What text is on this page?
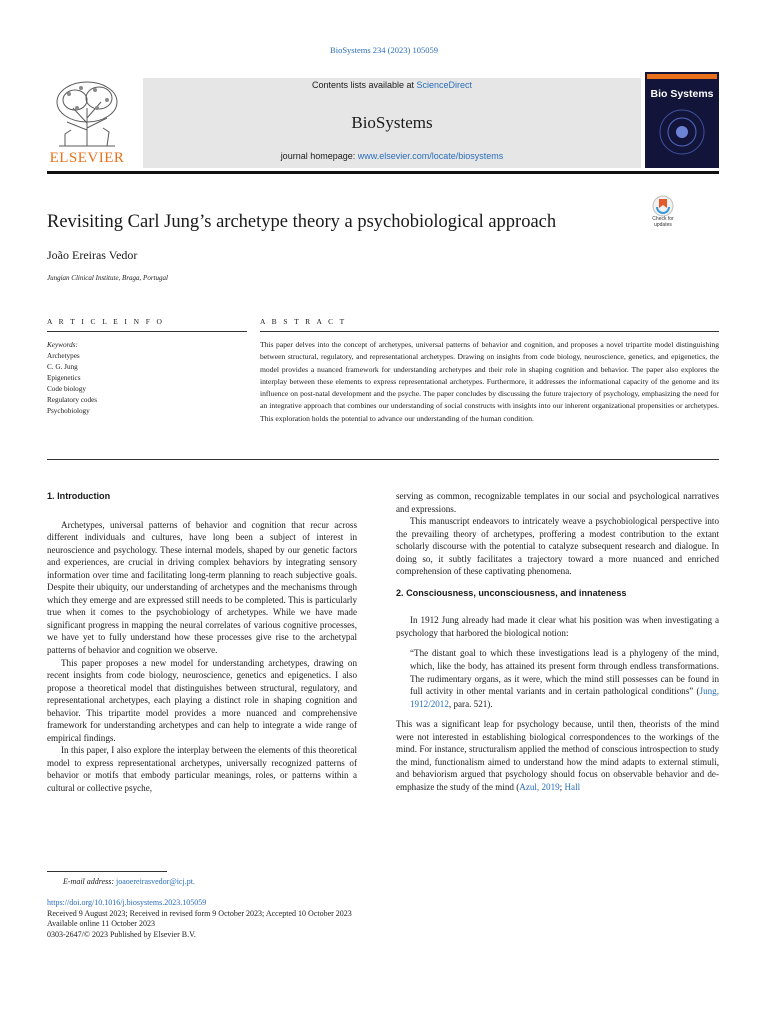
BioSystems 234 (2023) 105059
ELSEVIER
Contents lists available at ScienceDirect
BioSystems
journal homepage: www.elsevier.com/locate/biosystems
Bio Systems
Revisiting Carl Jung’s archetype theory a psychobiological approach	Check for updates
João Ereiras Vedor
Jungian Clinical Institute, Braga, Portugal
A R T I C L E I N F O	A B S T R A C T
Keywords:
Archetypes
C. G. Jung
Epigenetics
Code biology
Regulatory codes
Psychobiology
This paper delves into the concept of archetypes, universal patterns of behavior and cognition, and proposes a novel tripartite model distinguishing between structural, regulatory, and representational archetypes. Drawing on insights from code biology, neuroscience, genetics, and epigenetics, the model provides a nuanced framework for understanding archetypes and their role in shaping cognition and behavior. The paper also explores the interplay between these elements to express representational archetypes. Furthermore, it addresses the informational capacity of the genome and its influence on post-natal development and the psyche. The paper concludes by discussing the future trajectory of psychology, emphasizing the need for an integrative approach that combines our understanding of social constructs with insights into our inherent organizational propensities or archetypes. This exploration holds the potential to advance our understanding of the human condition.
1. Introduction

Archetypes, universal patterns of behavior and cognition that recur across different individuals and cultures, have long been a subject of interest in neuroscience and psychology. These internal models, shaped by our genetic factors and experiences, are crucial in driving complex behaviors by integrating sensory information over time and facilitating long-term planning to reach subjective goals. Despite their ubiquity, our understanding of archetypes and the mechanisms through which they emerge and are expressed still needs to be completed. This is particularly true when it comes to the psychobiology of archetypes. While we have made significant progress in mapping the neural correlates of various cognitive processes, we have yet to fully understand how these processes give rise to the archetypal patterns of behavior and cognition we observe.

This paper proposes a new model for understanding archetypes, drawing on recent insights from code biology, neuroscience, genetics and epigenetics. I also propose a theoretical model that distinguishes between structural, regulatory, and representational archetypes, each playing a distinct role in shaping cognition and behavior. This tripartite model provides a more nuanced and comprehensive framework for understanding archetypes and can help to integrate a wide range of empirical findings.

In this paper, I also explore the interplay between the elements of this theoretical model to express representational archetypes, universally recognized patterns of behavior or motifs that embody particular meanings, roles, or patterns within a cultural or collective psyche,

serving as common, recognizable templates in our social and psychological narratives and expressions.

This manuscript endeavors to intricately weave a psychobiological perspective into the prevailing theory of archetypes, proffering a modest contribution to the extant scholarly discourse with the potential to catalyze subsequent research and dialogue. In doing so, it subtly facilitates a trajectory toward a more nuanced and enriched comprehension of these captivating phenomena.

2. Consciousness, unconsciousness, and innateness

In 1912 Jung already had made it clear what his position was when investigating a psychology that harbored the biological notion:

“The distant goal to which these investigations lead is a phylogeny of the mind, which, like the body, has attained its present form through endless transformations. The rudimentary organs, as it were, which the mind still possesses can be found in full activity in other mental variants and in certain pathological conditions” (Jung, 1912/2012, para. 521).

This was a significant leap for psychology because, until then, theorists of the mind were not interested in establishing biological correspondences to the workings of the mind. For instance, structuralism applied the method of conscious introspection to study the mind, functionalism aimed to understand how the mind adapts to external stimuli, and behaviorism argued that psychology should focus on observable behavior and de-emphasize the study of the mind (Azul, 2019; Hall

E-mail address: joaoereirasvedor@icj.pt.
https://doi.org/10.1016/j.biosystems.2023.105059
Received 9 August 2023; Received in revised form 9 October 2023; Accepted 10 October 2023
Available online 11 October 2023
0303-2647/© 2023 Published by Elsevier B.V.
